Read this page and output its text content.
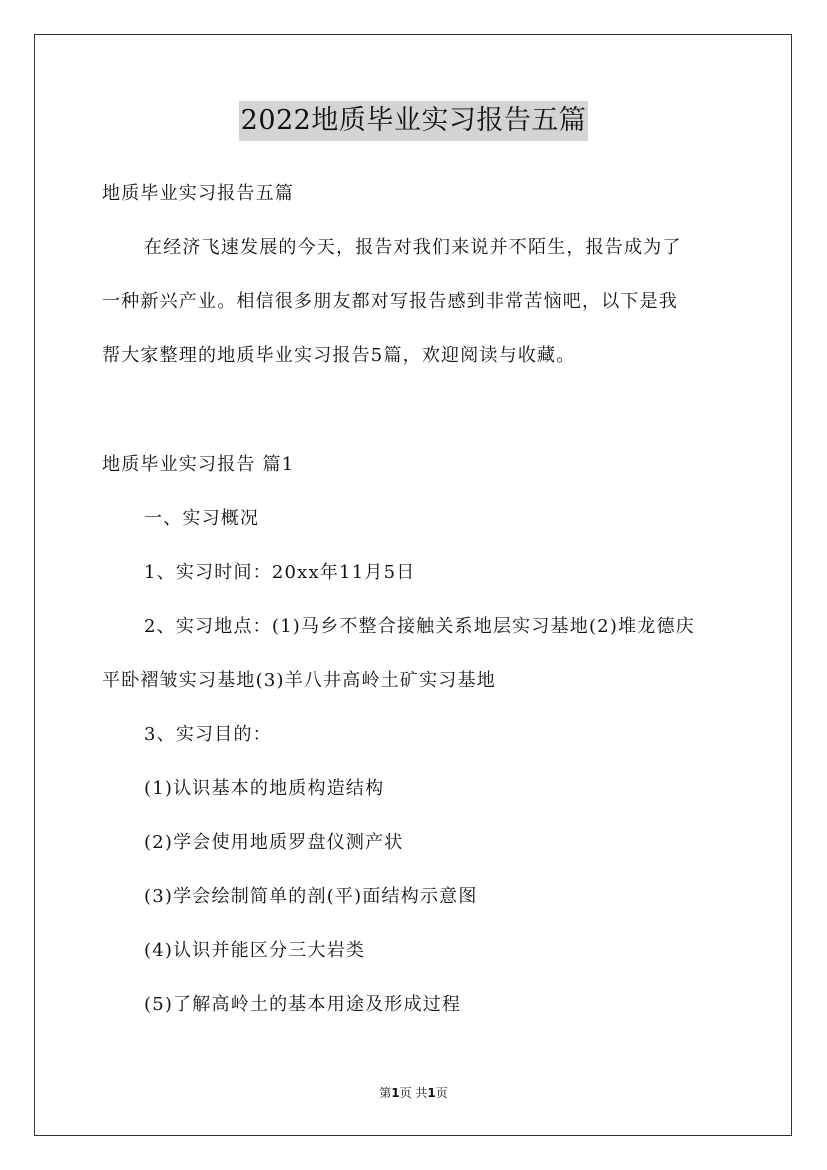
2022地质毕业实习报告五篇
地质毕业实习报告五篇
在经济飞速发展的今天，报告对我们来说并不陌生，报告成为了
一种新兴产业。相信很多朋友都对写报告感到非常苦恼吧，以下是我
帮大家整理的地质毕业实习报告5篇，欢迎阅读与收藏。
地质毕业实习报告 篇1
一、实习概况
1、实习时间：20xx年11月5日
2、实习地点：(1)马乡不整合接触关系地层实习基地(2)堆龙德庆
平卧褶皱实习基地(3)羊八井高岭土矿实习基地
3、实习目的：
(1)认识基本的地质构造结构
(2)学会使用地质罗盘仪测产状
(3)学会绘制简单的剖(平)面结构示意图
(4)认识并能区分三大岩类
(5)了解高岭土的基本用途及形成过程
第1页 共1页
